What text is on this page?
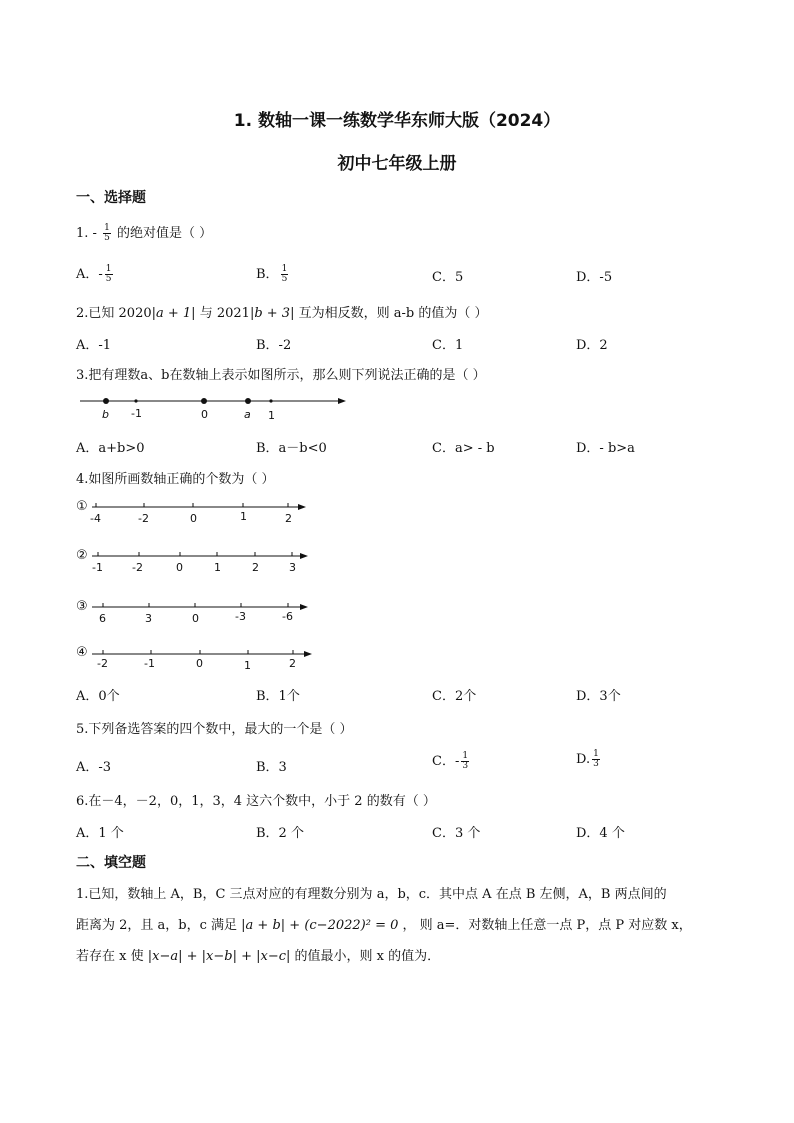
1. 数轴一课一练数学华东师大版（2024）
初中七年级上册
一、选择题
1. - $\frac{1}{5}$ 的绝对值是（ ）
A．- $\frac{1}{5}$	B． $\frac{1}{5}$	C．5	D．-5
2.已知 2020|a + 1| 与 2021|b + 3| 互为相反数，则 a-b 的值为（ ）
A．-1	B．-2	C．1	D．2
3.把有理数a、b在数轴上表示如图所示，那么则下列说法正确的是（ ）
b -1	0	a 1
A．a+b>0	B．a－b<0	C．a> - b	D．- b>a
4.如图所画数轴正确的个数为（ ）
①
-4	-2	0	1	2
②
-1	-2	0	1	2	3
③
6	3	0	-3	-6
④
-2	-1	0	1	2
A．0个	B．1个	C．2个	D．3个
5.下列备选答案的四个数中，最大的一个是（ ）
A．-3	B．3	C．- $\frac{1}{3}$	D. $\frac{1}{3}$
6.在－4，－2，0，1，3，4 这六个数中，小于 2 的数有（ ）
A．1 个	B．2 个	C．3 个	D．4 个
二、填空题
1.已知，数轴上 A，B，C 三点对应的有理数分别为 a，b，c．其中点 A 在点 B 左侧，A，B 两点间的
距离为 2，且 a，b，c 满足 |a + b| + (c−2022)² = 0 ， 则 a=．对数轴上任意一点 P，点 P 对应数 x，
若存在 x 使 |x−a| + |x−b| + |x−c| 的值最小，则 x 的值为．
